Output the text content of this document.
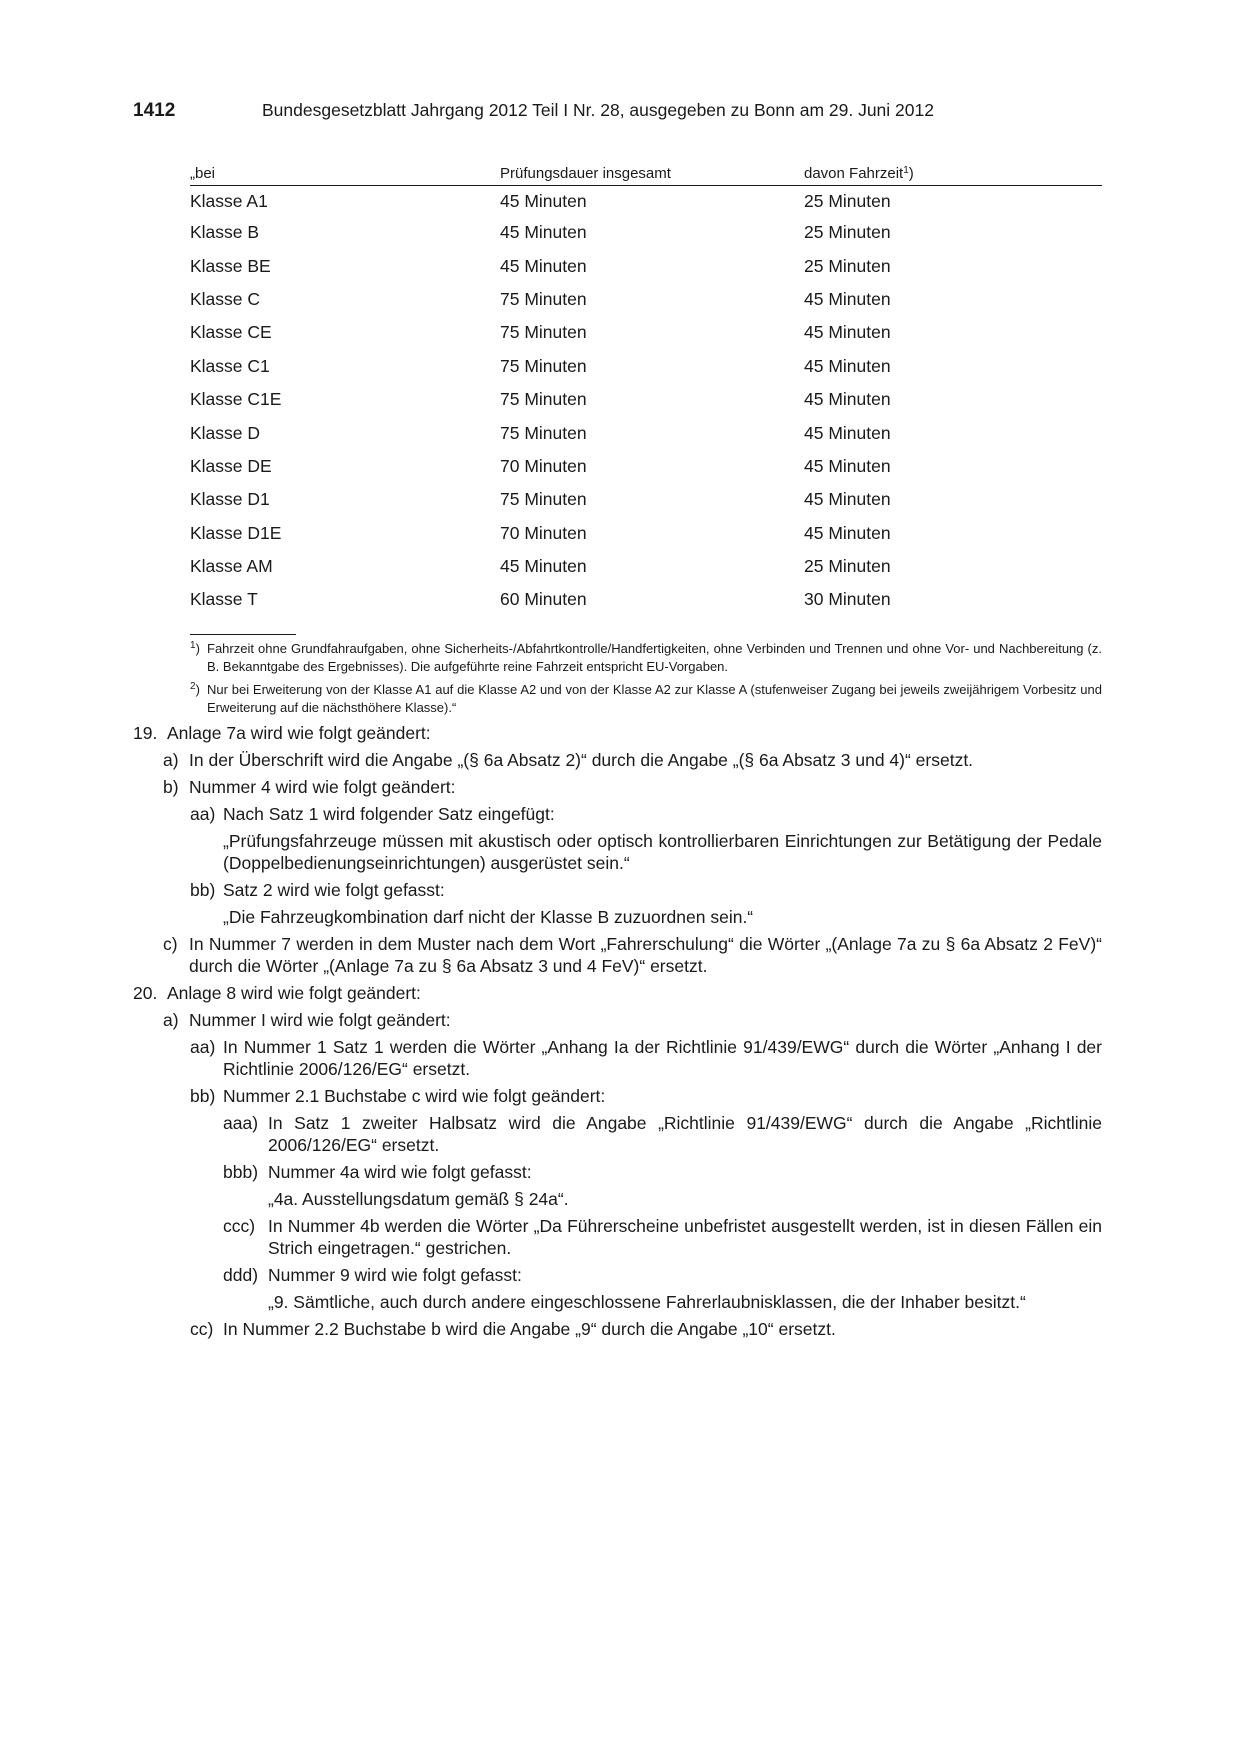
1412	Bundesgesetzblatt Jahrgang 2012 Teil I Nr. 28, ausgegeben zu Bonn am 29. Juni 2012
„bei	Prüfungsdauer insgesamt	davon Fahrzeit$^1$)
Klasse A1	45 Minuten	25 Minuten
Klasse B	45 Minuten	25 Minuten
Klasse BE	45 Minuten	25 Minuten
Klasse C	75 Minuten	45 Minuten
Klasse CE	75 Minuten	45 Minuten
Klasse C1	75 Minuten	45 Minuten
Klasse C1E	75 Minuten	45 Minuten
Klasse D	75 Minuten	45 Minuten
Klasse DE	70 Minuten	45 Minuten
Klasse D1	75 Minuten	45 Minuten
Klasse D1E	70 Minuten	45 Minuten
Klasse AM	45 Minuten	25 Minuten
Klasse T	60 Minuten	30 Minuten
$^1$) Fahrzeit ohne Grundfahraufgaben, ohne Sicherheits-/Abfahrtkontrolle/Handfertigkeiten, ohne Verbinden und Trennen und ohne Vor- und Nachbereitung (z. B. Bekanntgabe des Ergebnisses). Die aufgeführte reine Fahrzeit entspricht EU-Vorgaben.
$^2$) Nur bei Erweiterung von der Klasse A1 auf die Klasse A2 und von der Klasse A2 zur Klasse A (stufenweiser Zugang bei jeweils zweijährigem Vorbesitz und Erweiterung auf die nächsthöhere Klasse).“
19. Anlage 7a wird wie folgt geändert:
a) In der Überschrift wird die Angabe „(§ 6a Absatz 2)“ durch die Angabe „(§ 6a Absatz 3 und 4)“ ersetzt.
b) Nummer 4 wird wie folgt geändert:
aa) Nach Satz 1 wird folgender Satz eingefügt:
„Prüfungsfahrzeuge müssen mit akustisch oder optisch kontrollierbaren Einrichtungen zur Betätigung der Pedale (Doppelbedienungseinrichtungen) ausgerüstet sein.“
bb) Satz 2 wird wie folgt gefasst:
„Die Fahrzeugkombination darf nicht der Klasse B zuzuordnen sein.“
c) In Nummer 7 werden in dem Muster nach dem Wort „Fahrerschulung“ die Wörter „(Anlage 7a zu § 6a Absatz 2 FeV)“ durch die Wörter „(Anlage 7a zu § 6a Absatz 3 und 4 FeV)“ ersetzt.
20. Anlage 8 wird wie folgt geändert:
a) Nummer I wird wie folgt geändert:
aa) In Nummer 1 Satz 1 werden die Wörter „Anhang Ia der Richtlinie 91/439/EWG“ durch die Wörter „Anhang I der Richtlinie 2006/126/EG“ ersetzt.
bb) Nummer 2.1 Buchstabe c wird wie folgt geändert:
aaa) In Satz 1 zweiter Halbsatz wird die Angabe „Richtlinie 91/439/EWG“ durch die Angabe „Richtlinie 2006/126/EG“ ersetzt.
bbb) Nummer 4a wird wie folgt gefasst:
„4a. Ausstellungsdatum gemäß § 24a“.
ccc) In Nummer 4b werden die Wörter „Da Führerscheine unbefristet ausgestellt werden, ist in diesen Fällen ein Strich eingetragen.“ gestrichen.
ddd) Nummer 9 wird wie folgt gefasst:
„9. Sämtliche, auch durch andere eingeschlossene Fahrerlaubnisklassen, die der Inhaber besitzt.“
cc) In Nummer 2.2 Buchstabe b wird die Angabe „9“ durch die Angabe „10“ ersetzt.
